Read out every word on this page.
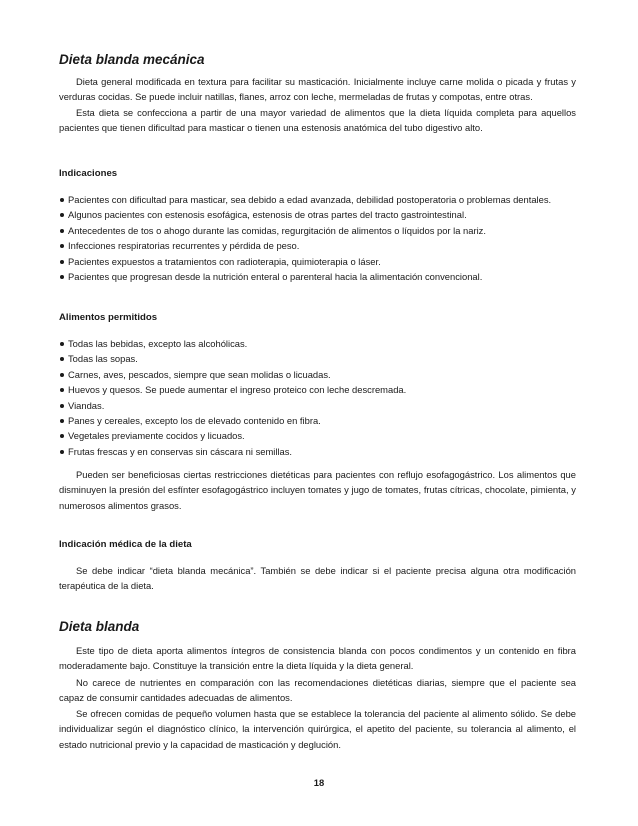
Dieta blanda mecánica

Dieta general modificada en textura para facilitar su masticación. Inicialmente incluye carne molida o picada y frutas y verduras cocidas. Se puede incluir natillas, flanes, arroz con leche, mermeladas de frutas y compotas, entre otras.

Esta dieta se confecciona a partir de una mayor variedad de alimentos que la dieta líquida completa para aquellos pacientes que tienen dificultad para masticar o tienen una estenosis anatómica del tubo digestivo alto.

Indicaciones
Pacientes con dificultad para masticar, sea debido a edad avanzada, debilidad postoperatoria o problemas dentales.
Algunos pacientes con estenosis esofágica, estenosis de otras partes del tracto gastrointestinal.
Antecedentes de tos o ahogo durante las comidas, regurgitación de alimentos o líquidos por la nariz.
Infecciones respiratorias recurrentes y pérdida de peso.
Pacientes expuestos a tratamientos con radioterapia, quimioterapia o láser.
Pacientes que progresan desde la nutrición enteral o parenteral hacia la alimentación convencional.
Alimentos permitidos
Todas las bebidas, excepto las alcohólicas.
Todas las sopas.
Carnes, aves, pescados, siempre que sean molidas o licuadas.
Huevos y quesos. Se puede aumentar el ingreso proteico con leche descremada.
Viandas.
Panes y cereales, excepto los de elevado contenido en fibra.
Vegetales previamente cocidos y licuados.
Frutas frescas y en conservas sin cáscara ni semillas.

Pueden ser beneficiosas ciertas restricciones dietéticas para pacientes con reflujo esofagogástrico. Los alimentos que disminuyen la presión del esfínter esofagogástrico incluyen tomates y jugo de tomates, frutas cítricas, chocolate, pimienta, y numerosos alimentos grasos.

Indicación médica de la dieta

Se debe indicar “dieta blanda mecánica”. También se debe indicar si el paciente precisa alguna otra modificación terapéutica de la dieta.

Dieta blanda

Este tipo de dieta aporta alimentos íntegros de consistencia blanda con pocos condimentos y un contenido en fibra moderadamente bajo. Constituye la transición entre la dieta líquida y la dieta general.

No carece de nutrientes en comparación con las recomendaciones dietéticas diarias, siempre que el paciente sea capaz de consumir cantidades adecuadas de alimentos.

Se ofrecen comidas de pequeño volumen hasta que se establece la tolerancia del paciente al alimento sólido. Se debe individualizar según el diagnóstico clínico, la intervención quirúrgica, el apetito del paciente, su tolerancia al alimento, el estado nutricional previo y la capacidad de masticación y deglución.

18
